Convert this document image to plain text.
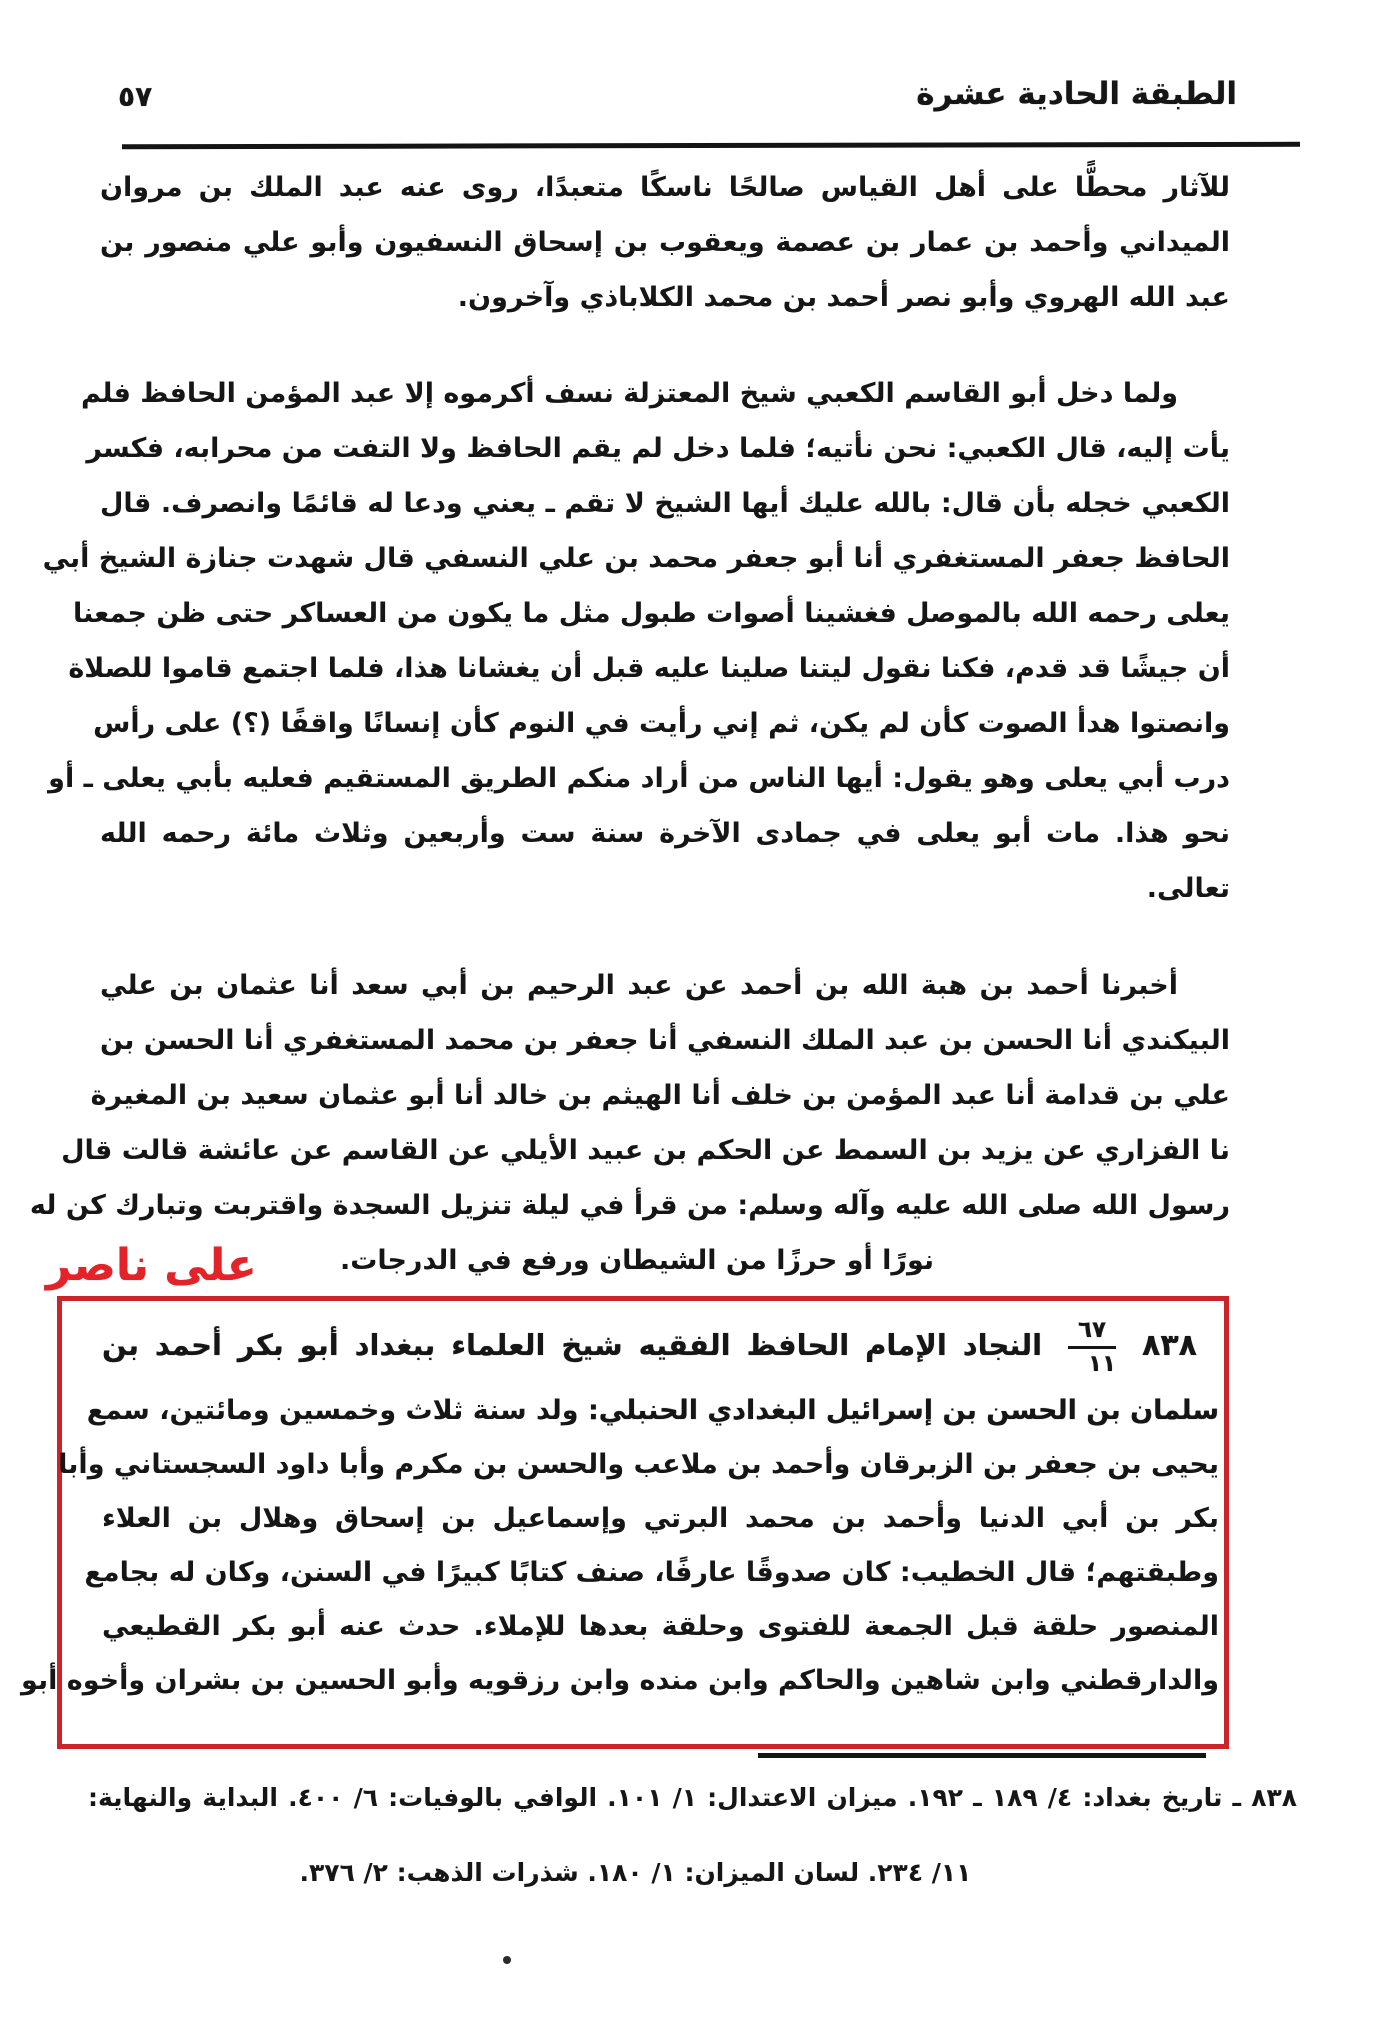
٥٧	الطبقة الحادية عشرة
للآثار محطًّا على أهل القياس صالحًا ناسكًا متعبدًا، روى عنه عبد الملك بن مروان
الميداني وأحمد بن عمار بن عصمة ويعقوب بن إسحاق النسفيون وأبو علي منصور بن
عبد الله الهروي وأبو نصر أحمد بن محمد الكلاباذي وآخرون.
ولما دخل أبو القاسم الكعبي شيخ المعتزلة نسف أكرموه إلا عبد المؤمن الحافظ فلم
يأت إليه، قال الكعبي: نحن نأتيه؛ فلما دخل لم يقم الحافظ ولا التفت من محرابه، فكسر
الكعبي خجله بأن قال: بالله عليك أيها الشيخ لا تقم ـ يعني ودعا له قائمًا وانصرف. قال
الحافظ جعفر المستغفري أنا أبو جعفر محمد بن علي النسفي قال شهدت جنازة الشيخ أبي
يعلى رحمه الله بالموصل فغشينا أصوات طبول مثل ما يكون من العساكر حتى ظن جمعنا
أن جيشًا قد قدم، فكنا نقول ليتنا صلينا عليه قبل أن يغشانا هذا، فلما اجتمع قاموا للصلاة
وانصتوا هدأ الصوت كأن لم يكن، ثم إني رأيت في النوم كأن إنسانًا واقفًا (؟) على رأس
درب أبي يعلى وهو يقول: أيها الناس من أراد منكم الطريق المستقيم فعليه بأبي يعلى ـ أو
نحو هذا. مات أبو يعلى في جمادى الآخرة سنة ست وأربعين وثلاث مائة رحمه الله
تعالى.
أخبرنا أحمد بن هبة الله بن أحمد عن عبد الرحيم بن أبي سعد أنا عثمان بن علي
البيكندي أنا الحسن بن عبد الملك النسفي أنا جعفر بن محمد المستغفري أنا الحسن بن
علي بن قدامة أنا عبد المؤمن بن خلف أنا الهيثم بن خالد أنا أبو عثمان سعيد بن المغيرة
نا الفزاري عن يزيد بن السمط عن الحكم بن عبيد الأيلي عن القاسم عن عائشة قالت قال
رسول الله صلى الله عليه وآله وسلم: من قرأ في ليلة تنزيل السجدة واقتربت وتبارك كن له
نورًا أو حرزًا من الشيطان ورفع في الدرجات.
على ناصر
٨٣٨
$\frac{٦٧}{١١}$
النجاد الإمام الحافظ الفقيه شيخ العلماء ببغداد أبو بكر أحمد بن
سلمان بن الحسن بن إسرائيل البغدادي الحنبلي: ولد سنة ثلاث وخمسين ومائتين، سمع
يحيى بن جعفر بن الزبرقان وأحمد بن ملاعب والحسن بن مكرم وأبا داود السجستاني وأبا
بكر بن أبي الدنيا وأحمد بن محمد البرتي وإسماعيل بن إسحاق وهلال بن العلاء
وطبقتهم؛ قال الخطيب: كان صدوقًا عارفًا، صنف كتابًا كبيرًا في السنن، وكان له بجامع
المنصور حلقة قبل الجمعة للفتوى وحلقة بعدها للإملاء. حدث عنه أبو بكر القطيعي
والدارقطني وابن شاهين والحاكم وابن منده وابن رزقويه وأبو الحسين بن بشران وأخوه أبو
٨٣٨ ـ تاريخ بغداد: ٤/ ١٨٩ ـ ١٩٢. ميزان الاعتدال: ١/ ١٠١. الوافي بالوفيات: ٦/ ٤٠٠. البداية والنهاية:
١١/ ٢٣٤. لسان الميزان: ١/ ١٨٠. شذرات الذهب: ٢/ ٣٧٦.
